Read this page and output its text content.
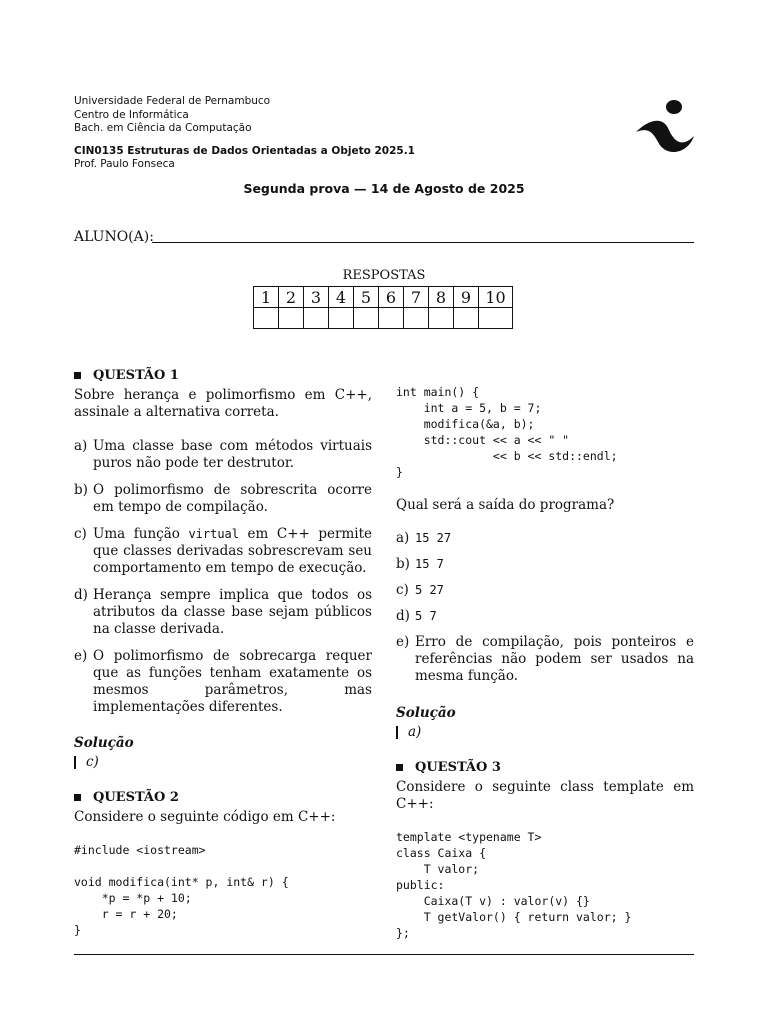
Universidade Federal de Pernambuco
Centro de Informática
Bach. em Ciência da Computação
CIN0135 Estruturas de Dados Orientadas a Objeto 2025.1
Prof. Paulo Fonseca
Segunda prova — 14 de Agosto de 2025
ALUNO(A):
RESPOSTAS
1	2	3	4	5	6	7	8	9	10

QUESTÃO 1
Sobre herança e polimorfismo em C++, assinale a alternativa correta.
a) Uma classe base com métodos virtuais puros não pode ter destrutor.
b) O polimorfismo de sobrescrita ocorre em tempo de compilação.
c) Uma função virtual em C++ permite que classes derivadas sobrescrevam seu comportamento em tempo de execução.
d) Herança sempre implica que todos os atributos da classe base sejam públicos na classe derivada.
e) O polimorfismo de sobrecarga requer que as funções tenham exatamente os mesmos parâmetros, mas implementações diferentes.
Solução
c)
QUESTÃO 2
Considere o seguinte código em C++:
#include <iostream>

void modifica(int* p, int& r) {
*p = *p + 10;
r = r + 20;
}
int main() {
int a = 5, b = 7;
modifica(&a, b);
std::cout << a << " "
<< b << std::endl;
}
Qual será a saída do programa?
a) 15 27
b) 15 7
c) 5 27
d) 5 7
e) Erro de compilação, pois ponteiros e referências não podem ser usados na mesma função.
Solução
a)
QUESTÃO 3
Considere o seguinte class template em C++:
template <typename T>
class Caixa {
T valor;
public:
Caixa(T v) : valor(v) {}
T getValor() { return valor; }
};
